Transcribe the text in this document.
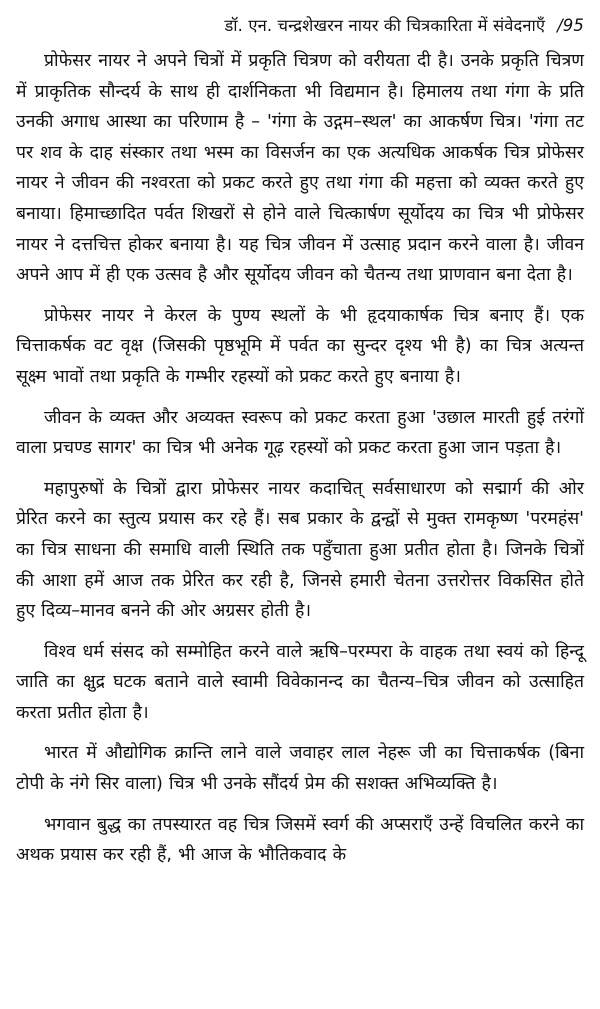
डॉ. एन. चन्द्रशेखरन नायर की चित्रकारिता में संवेदनाएँ /95

प्रोफेसर नायर ने अपने चित्रों में प्रकृति चित्रण को वरीयता दी है। उनके प्रकृति चित्रण में प्राकृतिक सौन्दर्य के साथ ही दार्शनिकता भी विद्यमान है। हिमालय तथा गंगा के प्रति उनकी अगाध आस्था का परिणाम है – 'गंगा के उद्गम–स्थल' का आकर्षण चित्र। 'गंगा तट पर शव के दाह संस्कार तथा भस्म का विसर्जन का एक अत्यधिक आकर्षक चित्र प्रोफेसर नायर ने जीवन की नश्वरता को प्रकट करते हुए तथा गंगा की महत्ता को व्यक्त करते हुए बनाया। हिमाच्छादित पर्वत शिखरों से होने वाले चित्कार्षण सूर्योदय का चित्र भी प्रोफेसर नायर ने दत्तचित्त होकर बनाया है। यह चित्र जीवन में उत्साह प्रदान करने वाला है। जीवन अपने आप में ही एक उत्सव है और सूर्योदय जीवन को चैतन्य तथा प्राणवान बना देता है।

प्रोफेसर नायर ने केरल के पुण्य स्थलों के भी हृदयाकार्षक चित्र बनाए हैं। एक चित्ताकर्षक वट वृक्ष (जिसकी पृष्ठभूमि में पर्वत का सुन्दर दृश्य भी है) का चित्र अत्यन्त सूक्ष्म भावों तथा प्रकृति के गम्भीर रहस्यों को प्रकट करते हुए बनाया है।

जीवन के व्यक्त और अव्यक्त स्वरूप को प्रकट करता हुआ 'उछाल मारती हुई तरंगों वाला प्रचण्ड सागर' का चित्र भी अनेक गूढ़ रहस्यों को प्रकट करता हुआ जान पड़ता है।

महापुरुषों के चित्रों द्वारा प्रोफेसर नायर कदाचित् सर्वसाधारण को सद्मार्ग की ओर प्रेरित करने का स्तुत्य प्रयास कर रहे हैं। सब प्रकार के द्वन्द्वों से मुक्त रामकृष्ण 'परमहंस' का चित्र साधना की समाधि वाली स्थिति तक पहुँचाता हुआ प्रतीत होता है। जिनके चित्रों की आशा हमें आज तक प्रेरित कर रही है, जिनसे हमारी चेतना उत्तरोत्तर विकसित होते हुए दिव्य–मानव बनने की ओर अग्रसर होती है।

विश्व धर्म संसद को सम्मोहित करने वाले ऋषि–परम्परा के वाहक तथा स्वयं को हिन्दू जाति का क्षुद्र घटक बताने वाले स्वामी विवेकानन्द का चैतन्य–चित्र जीवन को उत्साहित करता प्रतीत होता है।

भारत में औद्योगिक क्रान्ति लाने वाले जवाहर लाल नेहरू जी का चित्ताकर्षक (बिना टोपी के नंगे सिर वाला) चित्र भी उनके सौंदर्य प्रेम की सशक्त अभिव्यक्ति है।

भगवान बुद्ध का तपस्यारत वह चित्र जिसमें स्वर्ग की अप्सराएँ उन्हें विचलित करने का अथक प्रयास कर रही हैं, भी आज के भौतिकवाद के
